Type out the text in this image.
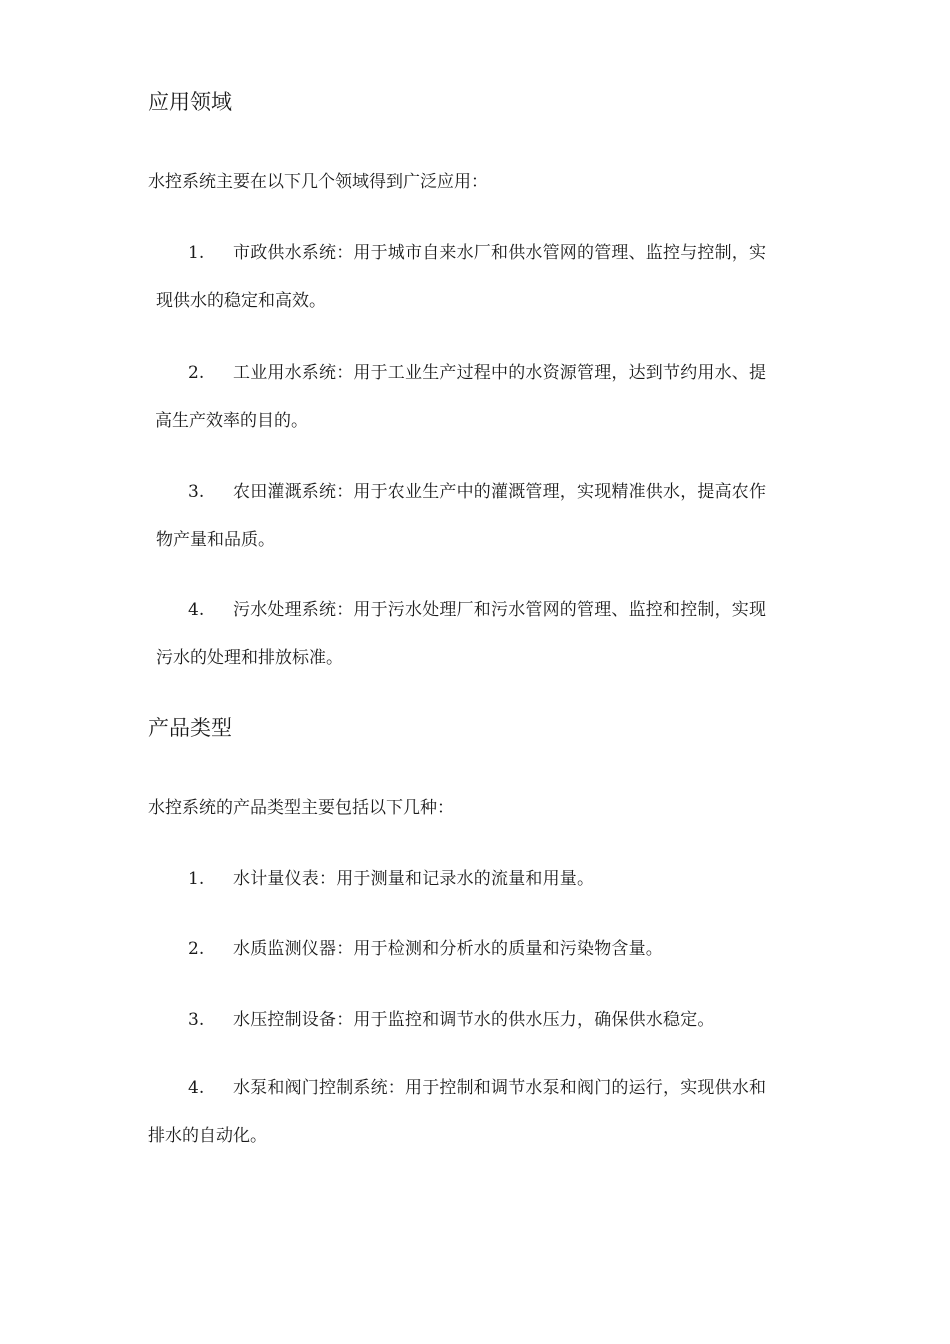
应用领域
水控系统主要在以下几个领域得到广泛应用：
1. 市政供水系统：用于城市自来水厂和供水管网的管理、监控与控制，实
现供水的稳定和高效。
2. 工业用水系统：用于工业生产过程中的水资源管理，达到节约用水、提
高生产效率的目的。
3. 农田灌溉系统：用于农业生产中的灌溉管理，实现精准供水，提高农作
物产量和品质。
4. 污水处理系统：用于污水处理厂和污水管网的管理、监控和控制，实现
污水的处理和排放标准。
产品类型
水控系统的产品类型主要包括以下几种：
1. 水计量仪表：用于测量和记录水的流量和用量。
2. 水质监测仪器：用于检测和分析水的质量和污染物含量。
3. 水压控制设备：用于监控和调节水的供水压力，确保供水稳定。
4. 水泵和阀门控制系统：用于控制和调节水泵和阀门的运行，实现供水和
排水的自动化。
